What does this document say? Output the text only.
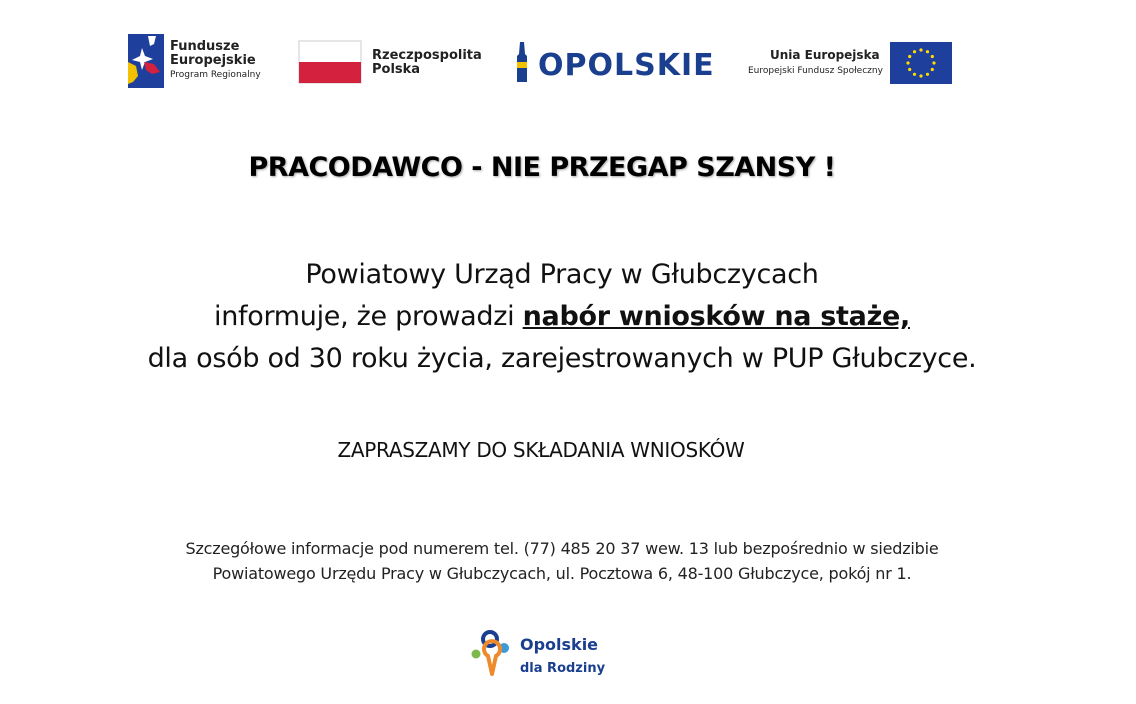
Fundusze
Europejskie
Program Regionalny
Rzeczpospolita
Polska	OPOLSKIE	Unia Europejska
Europejski Fundusz Społeczny
PRACODAWCO - NIE PRZEGAP SZANSY !
Powiatowy Urząd Pracy w Głubczycach
informuje, że prowadzi nabór wniosków na staże,
dla osób od 30 roku życia, zarejestrowanych w PUP Głubczyce.
ZAPRASZAMY DO SKŁADANIA WNIOSKÓW
Szczegółowe informacje pod numerem tel. (77) 485 20 37 wew. 13 lub bezpośrednio w siedzibie
Powiatowego Urzędu Pracy w Głubczycach, ul. Pocztowa 6, 48-100 Głubczyce, pokój nr 1.
Opolskie
dla Rodziny
